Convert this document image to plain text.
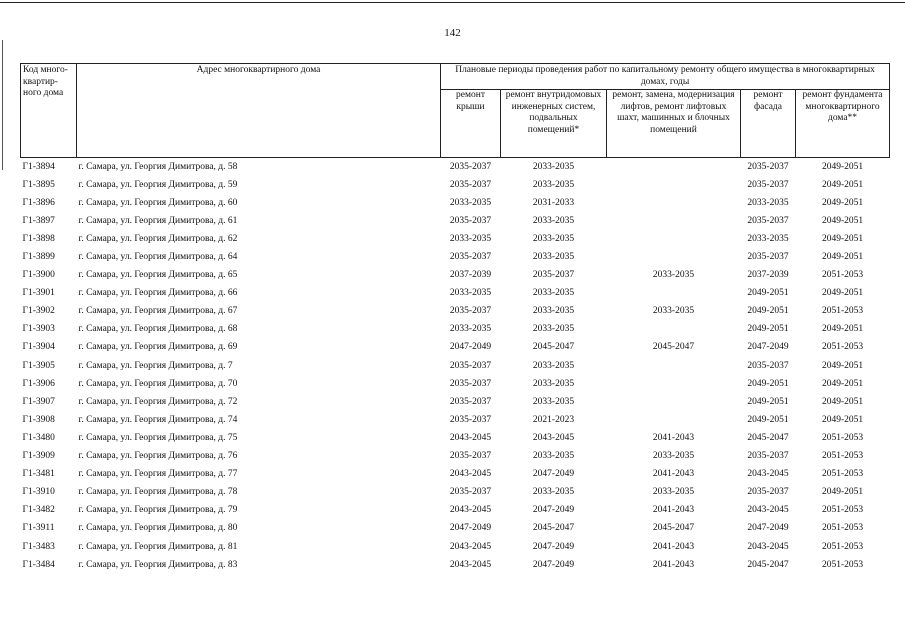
142
Код много-квартир-ного дома	Адрес многоквартирного дома	Плановые периоды проведения работ по капитальному ремонту общего имущества в многоквартирных домах, годы				
		ремонт крыши	ремонт внутридомовых инженерных систем, подвальных помещений*	ремонт, замена, модернизация лифтов, ремонт лифтовых шахт, машинных и блочных помещений	ремонт фасада	ремонт фундамента многоквартирного дома**
Г1-3894	г. Самара, ул. Георгия Димитрова, д. 58	2035-2037	2033-2035		2035-2037	2049-2051
Г1-3895	г. Самара, ул. Георгия Димитрова, д. 59	2035-2037	2033-2035		2035-2037	2049-2051
Г1-3896	г. Самара, ул. Георгия Димитрова, д. 60	2033-2035	2031-2033		2033-2035	2049-2051
Г1-3897	г. Самара, ул. Георгия Димитрова, д. 61	2035-2037	2033-2035		2035-2037	2049-2051
Г1-3898	г. Самара, ул. Георгия Димитрова, д. 62	2033-2035	2033-2035		2033-2035	2049-2051
Г1-3899	г. Самара, ул. Георгия Димитрова, д. 64	2035-2037	2033-2035		2035-2037	2049-2051
Г1-3900	г. Самара, ул. Георгия Димитрова, д. 65	2037-2039	2035-2037	2033-2035	2037-2039	2051-2053
Г1-3901	г. Самара, ул. Георгия Димитрова, д. 66	2033-2035	2033-2035		2049-2051	2049-2051
Г1-3902	г. Самара, ул. Георгия Димитрова, д. 67	2035-2037	2033-2035	2033-2035	2049-2051	2051-2053
Г1-3903	г. Самара, ул. Георгия Димитрова, д. 68	2033-2035	2033-2035		2049-2051	2049-2051
Г1-3904	г. Самара, ул. Георгия Димитрова, д. 69	2047-2049	2045-2047	2045-2047	2047-2049	2051-2053
Г1-3905	г. Самара, ул. Георгия Димитрова, д. 7	2035-2037	2033-2035		2035-2037	2049-2051
Г1-3906	г. Самара, ул. Георгия Димитрова, д. 70	2035-2037	2033-2035		2049-2051	2049-2051
Г1-3907	г. Самара, ул. Георгия Димитрова, д. 72	2035-2037	2033-2035		2049-2051	2049-2051
Г1-3908	г. Самара, ул. Георгия Димитрова, д. 74	2035-2037	2021-2023		2049-2051	2049-2051
Г1-3480	г. Самара, ул. Георгия Димитрова, д. 75	2043-2045	2043-2045	2041-2043	2045-2047	2051-2053
Г1-3909	г. Самара, ул. Георгия Димитрова, д. 76	2035-2037	2033-2035	2033-2035	2035-2037	2051-2053
Г1-3481	г. Самара, ул. Георгия Димитрова, д. 77	2043-2045	2047-2049	2041-2043	2043-2045	2051-2053
Г1-3910	г. Самара, ул. Георгия Димитрова, д. 78	2035-2037	2033-2035	2033-2035	2035-2037	2049-2051
Г1-3482	г. Самара, ул. Георгия Димитрова, д. 79	2043-2045	2047-2049	2041-2043	2043-2045	2051-2053
Г1-3911	г. Самара, ул. Георгия Димитрова, д. 80	2047-2049	2045-2047	2045-2047	2047-2049	2051-2053
Г1-3483	г. Самара, ул. Георгия Димитрова, д. 81	2043-2045	2047-2049	2041-2043	2043-2045	2051-2053
Г1-3484	г. Самара, ул. Георгия Димитрова, д. 83	2043-2045	2047-2049	2041-2043	2045-2047	2051-2053
